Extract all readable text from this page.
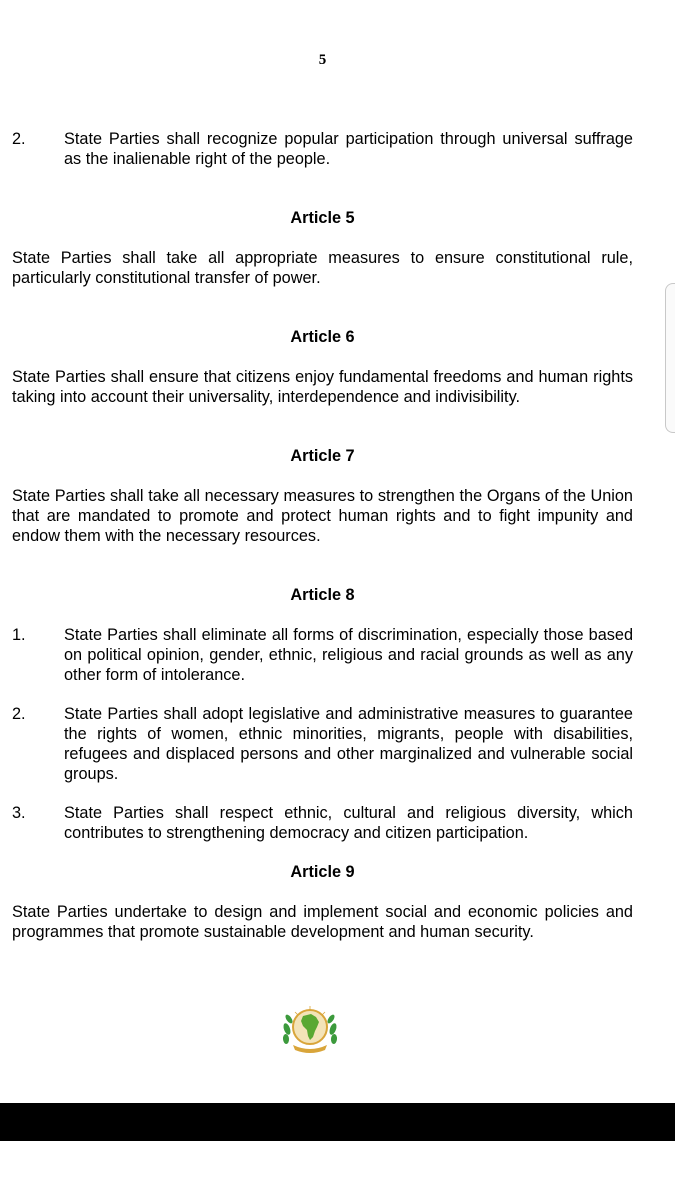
5
2. State Parties shall recognize popular participation through universal suffrage as the inalienable right of the people.
Article 5
State Parties shall take all appropriate measures to ensure constitutional rule, particularly constitutional transfer of power.
Article 6
State Parties shall ensure that citizens enjoy fundamental freedoms and human rights taking into account their universality, interdependence and indivisibility.
Article 7
State Parties shall take all necessary measures to strengthen the Organs of the Union that are mandated to promote and protect human rights and to fight impunity and endow them with the necessary resources.
Article 8
1. State Parties shall eliminate all forms of discrimination, especially those based on political opinion, gender, ethnic, religious and racial grounds as well as any other form of intolerance.
2. State Parties shall adopt legislative and administrative measures to guarantee the rights of women, ethnic minorities, migrants, people with disabilities, refugees and displaced persons and other marginalized and vulnerable social groups.
3. State Parties shall respect ethnic, cultural and religious diversity, which contributes to strengthening democracy and citizen participation.
Article 9
State Parties undertake to design and implement social and economic policies and programmes that promote sustainable development and human security.
